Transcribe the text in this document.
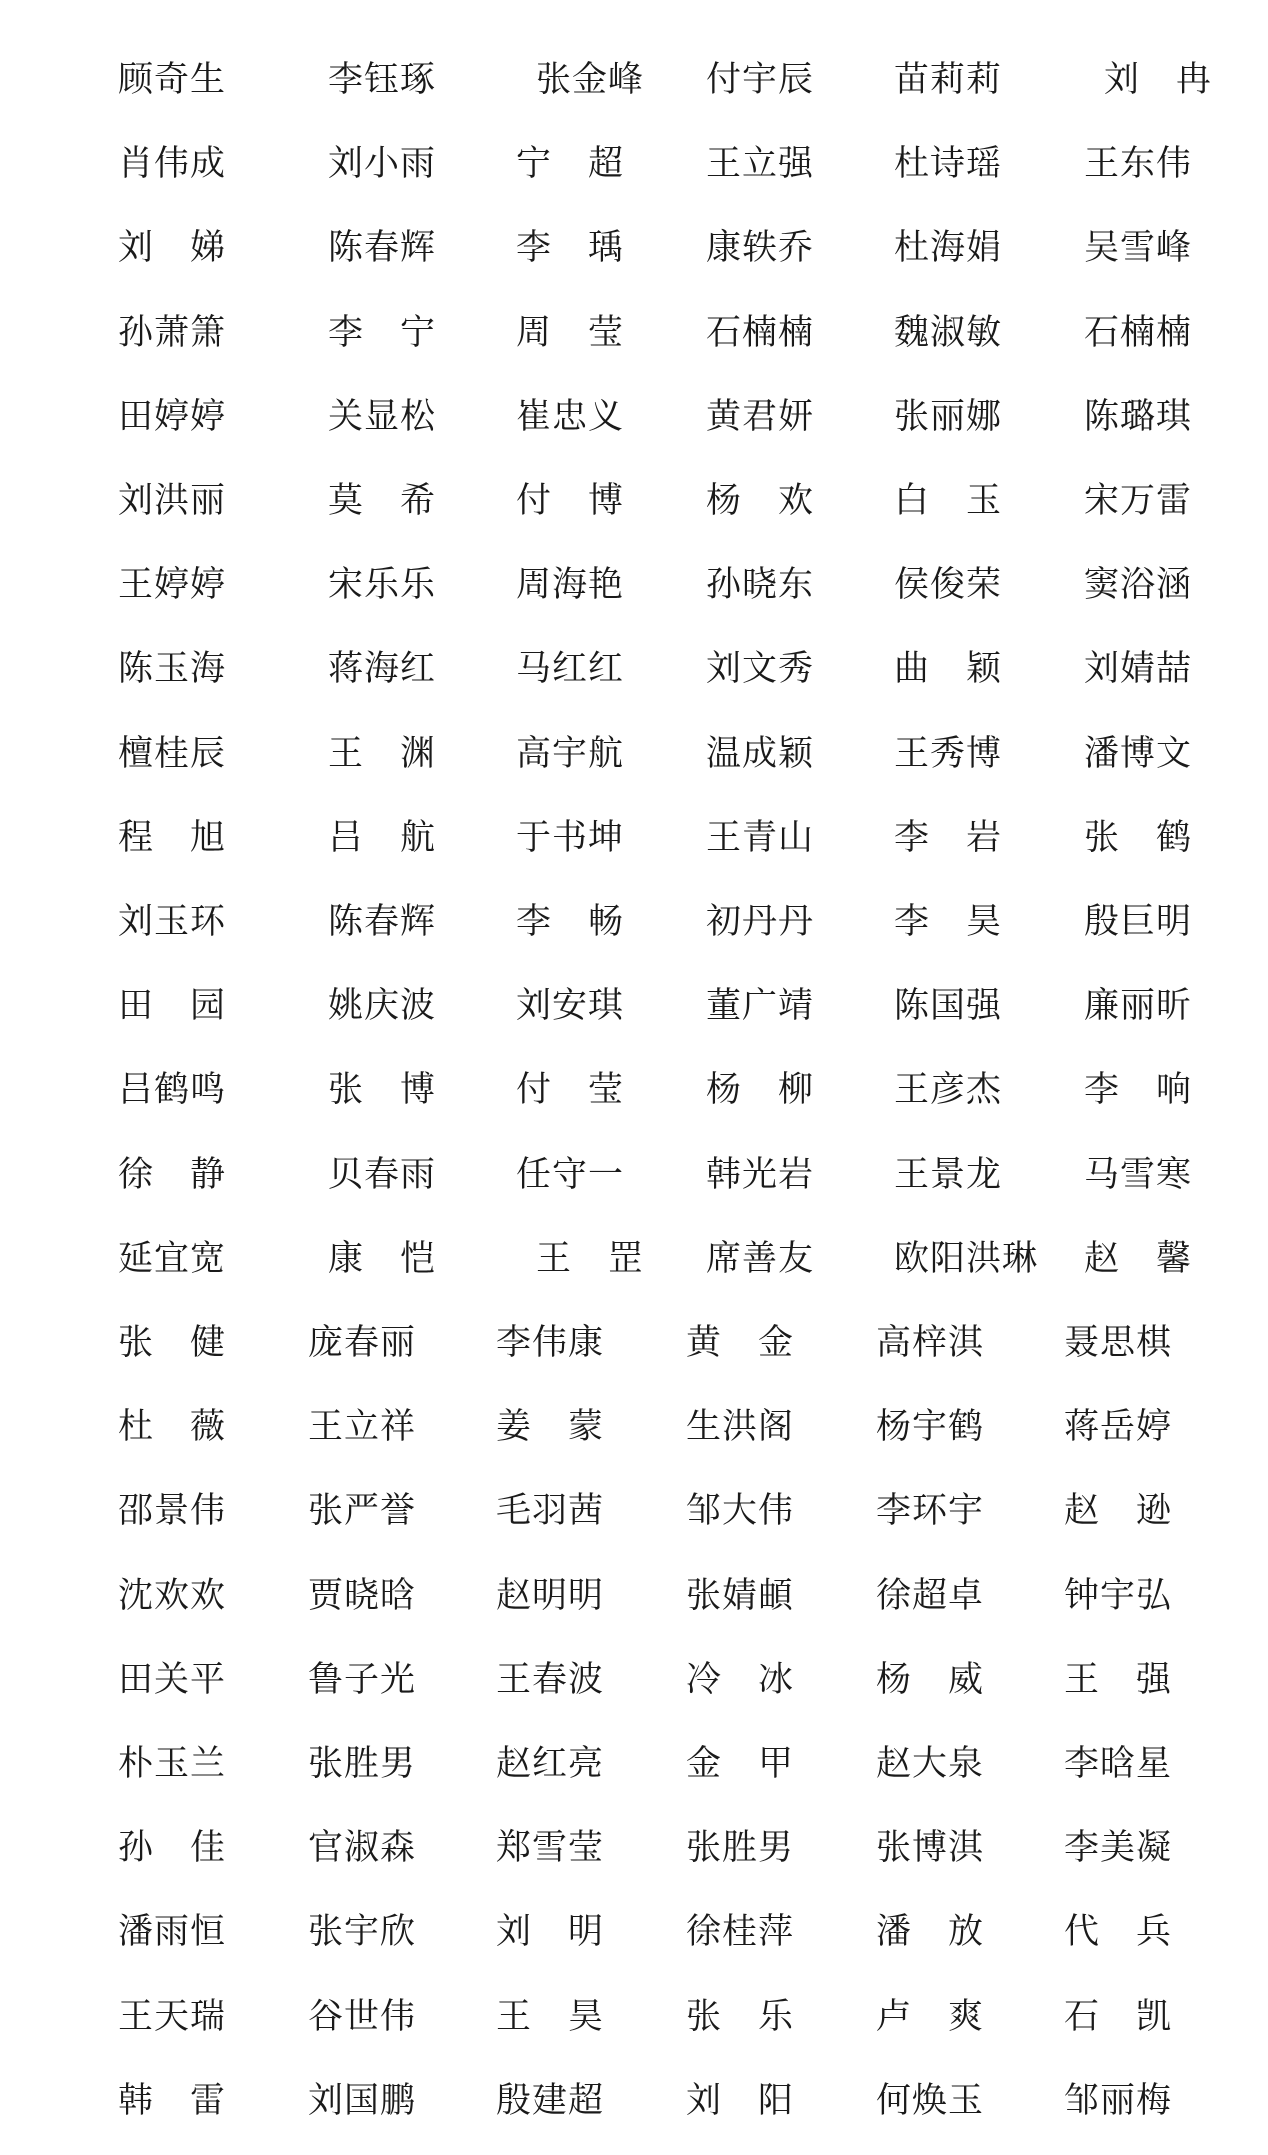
顾奇生	李钰琢	张金峰 付宇辰 苗莉莉	刘　冉
肖伟成	刘小雨 宁　超 王立强 杜诗瑶 王东伟
刘　娣	陈春辉 李　瑀 康轶乔 杜海娟 吴雪峰
孙萧箫	李　宁 周　莹 石楠楠 魏淑敏 石楠楠
田婷婷	关显松 崔忠义 黄君妍 张丽娜 陈璐琪
刘洪丽	莫　希 付　博 杨　欢 白　玉 宋万雷
王婷婷	宋乐乐 周海艳 孙晓东 侯俊荣 窦浴涵
陈玉海	蒋海红 马红红 刘文秀 曲　颖 刘婧喆
檀桂辰	王　渊 高宇航 温成颖 王秀博 潘博文
程　旭	吕　航 于书坤 王青山 李　岩 张　鹤
刘玉环	陈春辉 李　畅 初丹丹 李　昊 殷巨明
田　园	姚庆波 刘安琪 董广靖 陈国强 廉丽昕
吕鹤鸣	张　博 付　莹 杨　柳 王彦杰 李　响
徐　静	贝春雨 任守一 韩光岩 王景龙 马雪寒
延宜宽	康　恺	王　罡 席善友 欧阳洪琳 赵　馨
张　健 庞春丽 李伟康 黄　金 高梓淇 聂思棋
杜　薇 王立祥 姜　蒙 生洪阁 杨宇鹤 蒋岳婷
邵景伟 张严誉 毛羽茜 邹大伟 李环宇 赵　逊
沈欢欢 贾晓晗 赵明明 张婧頔 徐超卓 钟宇弘
田关平 鲁子光 王春波 冷　冰 杨　威 王　强
朴玉兰 张胜男 赵红亮 金　甲 赵大泉 李晗星
孙　佳 官淑森 郑雪莹 张胜男 张博淇 李美凝
潘雨恒 张宇欣 刘　明 徐桂萍 潘　放 代　兵
王天瑞 谷世伟 王　昊 张　乐 卢　爽 石　凯
韩　雷 刘国鹏 殷建超 刘　阳 何焕玉 邹丽梅
